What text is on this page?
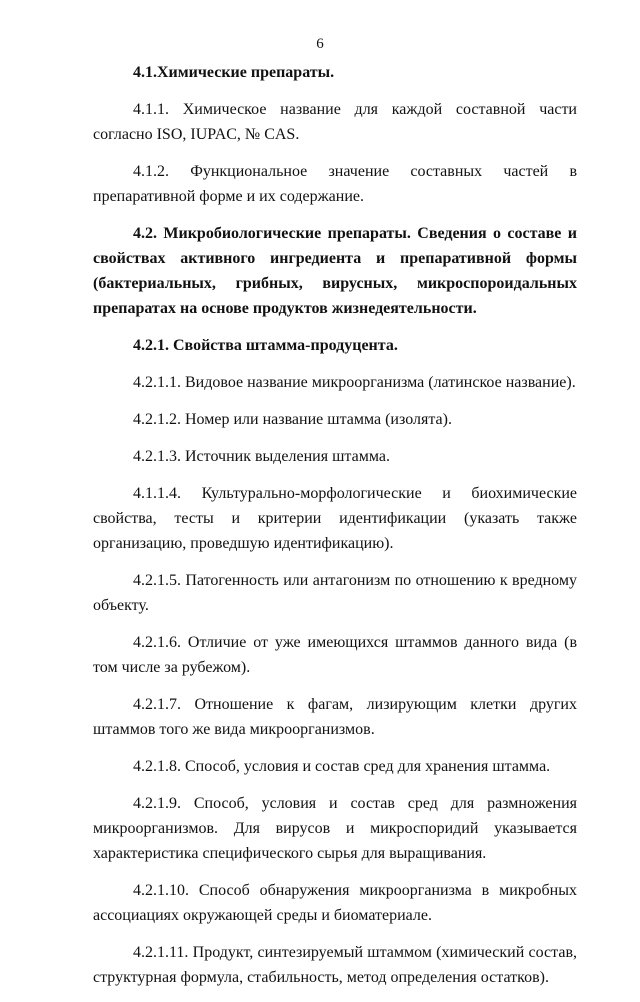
6

4.1.Химические препараты.

4.1.1. Химическое название для каждой составной части согласно ISO, IUPAC, № CAS.

4.1.2. Функциональное значение составных частей в препаративной форме и их содержание.

4.2. Микробиологические препараты. Сведения о составе и свойствах активного ингредиента и препаративной формы (бактериальных, грибных, вирусных, микроспороидальных препаратах на основе продуктов жизнедеятельности.

4.2.1. Свойства штамма-продуцента.

4.2.1.1. Видовое название микроорганизма (латинское название).

4.2.1.2. Номер или название штамма (изолята).

4.2.1.3. Источник выделения штамма.

4.1.1.4. Культурально-морфологические и биохимические свойства, тесты и критерии идентификации (указать также организацию, проведшую идентификацию).

4.2.1.5. Патогенность или антагонизм по отношению к вредному объекту.

4.2.1.6. Отличие от уже имеющихся штаммов данного вида (в том числе за рубежом).

4.2.1.7. Отношение к фагам, лизирующим клетки других штаммов того же вида микроорганизмов.

4.2.1.8. Способ, условия и состав сред для хранения штамма.

4.2.1.9. Способ, условия и состав сред для размножения микроорганизмов. Для вирусов и микроспоридий указывается характеристика специфического сырья для выращивания.

4.2.1.10. Способ обнаружения микроорганизма в микробных ассоциациях окружающей среды и биоматериале.

4.2.1.11. Продукт, синтезируемый штаммом (химический состав, структурная формула, стабильность, метод определения остатков).
